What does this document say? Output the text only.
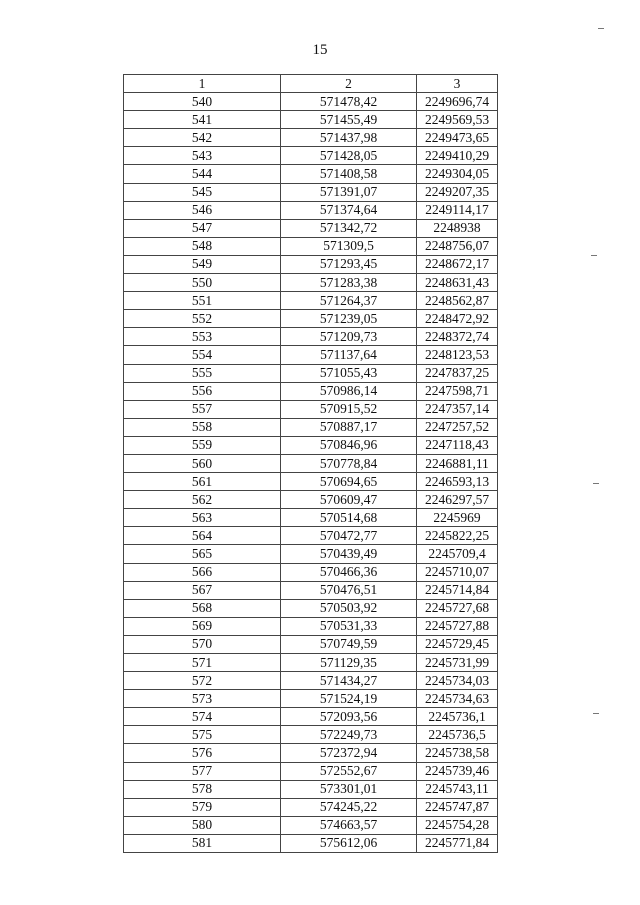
15
1	2	3
540	571478,42	2249696,74
541	571455,49	2249569,53
542	571437,98	2249473,65
543	571428,05	2249410,29
544	571408,58	2249304,05
545	571391,07	2249207,35
546	571374,64	2249114,17
547	571342,72	2248938
548	571309,5	2248756,07
549	571293,45	2248672,17
550	571283,38	2248631,43
551	571264,37	2248562,87
552	571239,05	2248472,92
553	571209,73	2248372,74
554	571137,64	2248123,53
555	571055,43	2247837,25
556	570986,14	2247598,71
557	570915,52	2247357,14
558	570887,17	2247257,52
559	570846,96	2247118,43
560	570778,84	2246881,11
561	570694,65	2246593,13
562	570609,47	2246297,57
563	570514,68	2245969
564	570472,77	2245822,25
565	570439,49	2245709,4
566	570466,36	2245710,07
567	570476,51	2245714,84
568	570503,92	2245727,68
569	570531,33	2245727,88
570	570749,59	2245729,45
571	571129,35	2245731,99
572	571434,27	2245734,03
573	571524,19	2245734,63
574	572093,56	2245736,1
575	572249,73	2245736,5
576	572372,94	2245738,58
577	572552,67	2245739,46
578	573301,01	2245743,11
579	574245,22	2245747,87
580	574663,57	2245754,28
581	575612,06	2245771,84
